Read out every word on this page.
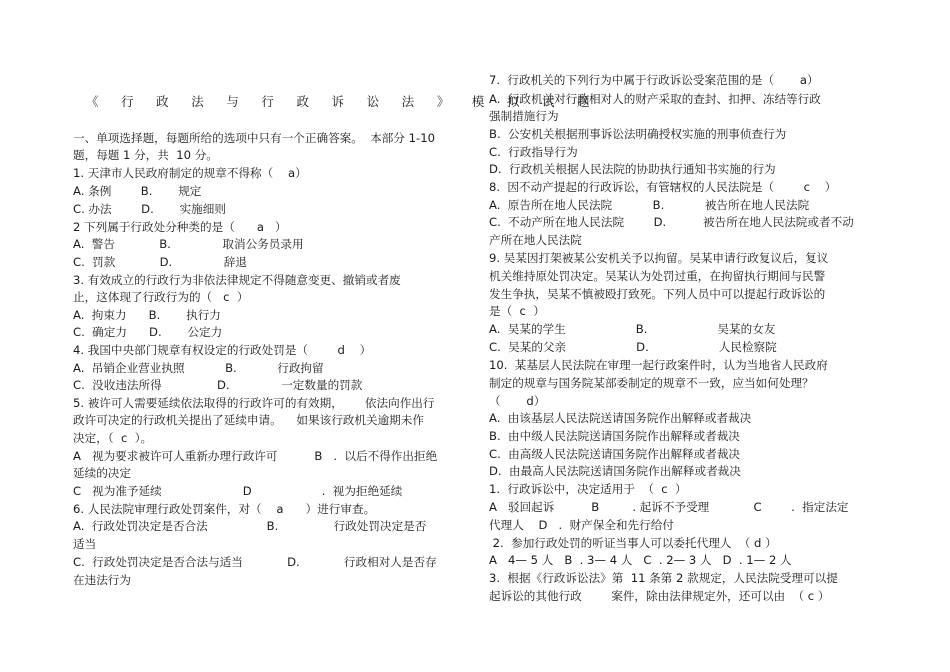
《 行 政 法 与 行 政 诉 讼 法 》 模 拟 试 题
一、单项选择题，每题所给的选项中只有一个正确答案。  本部分 1-10
题，每题 1 分，共  10 分。
1. 天津市人民政府制定的规章不得称（    a）
A. 条例        B.       规定
C. 办法        D.       实施细则
2 下列属于行政处分种类的是（      a   ）
A.  警告            B.              取消公务员录用
C.  罚款            D.              辞退
3. 有效成立的行政行为非依法律规定不得随意变更、撤销或者废
止，这体现了行政行为的（   c  ）
A.  拘束力      B.       执行力
C.  确定力      D.       公定力
4. 我国中央部门规章有权设定的行政处罚是（        d    ）
A.  吊销企业营业执照           B.           行政拘留
C.  没收违法所得               D.              一定数量的罚款
5. 被许可人需要延续依法取得的行政许可的有效期，      依法向作出行
政许可决定的行政机关提出了延续申请。    如果该行政机关逾期未作
决定，（  c  ）。
A   视为要求被许可人重新办理行政许可          B   .  以后不得作出拒绝
延续的决定
C   视为准予延续                      D                   .  视为拒绝延续
6. 人民法院审理行政处罚案件，对（    a      ）进行审查。
A.  行政处罚决定是否合法                B.               行政处罚决定是否
适当
C.  行政处罚决定是否合法与适当            D.            行政相对人是否存
在违法行为
7.  行政机关的下列行为中属于行政诉讼受案范围的是（       a）
A.  行政机关对行政相对人的财产采取的查封、扣押、冻结等行政
强制措施行为
B.  公安机关根据刑事诉讼法明确授权实施的刑事侦查行为
C.  行政指导行为
D.  行政机关根据人民法院的协助执行通知书实施的行为
8.  因不动产提起的行政诉讼，有管辖权的人民法院是（        c    ）
A.  原告所在地人民法院           B.           被告所在地人民法院
C.  不动产所在地人民法院        D.          被告所在地人民法院或者不动
产所在地人民法院
9. 吴某因打架被某公安机关予以拘留。吴某申请行政复议后，复议
机关维持原处罚决定。吴某认为处罚过重，在拘留执行期间与民警
发生争执，吴某不慎被殴打致死。下列人员中可以提起行政诉讼的
是（  c  ）
A.  吴某的学生                   B.                   吴某的女友
C.  吴某的父亲                   D.                   人民检察院
10.  某基层人民法院在审理一起行政案件时，认为当地省人民政府
制定的规章与国务院某部委制定的规章不一致，应当如何处理？
（       d）
A.  由该基层人民法院送请国务院作出解释或者裁决
B.  由中级人民法院送请国务院作出解释或者裁决
C.  由高级人民法院送请国务院作出解释或者裁决
D.  由最高人民法院送请国务院作出解释或者裁决
1.  行政诉讼中，决定适用于  （  c  ）
A   驳回起诉          B         . 起诉不予受理            C        .  指定法定
代理人    D   .  财产保全和先行给付
2.  参加行政处罚的听证当事人可以委托代理人  （ d ）
A   4— 5 人   B  . 3— 4 人   C  . 2— 3 人   D  . 1— 2 人
3.  根据《行政诉讼法》第  11 条第 2 款规定，人民法院受理可以提
起诉讼的其他行政        案件，除由法律规定外，还可以由  （ c ）
